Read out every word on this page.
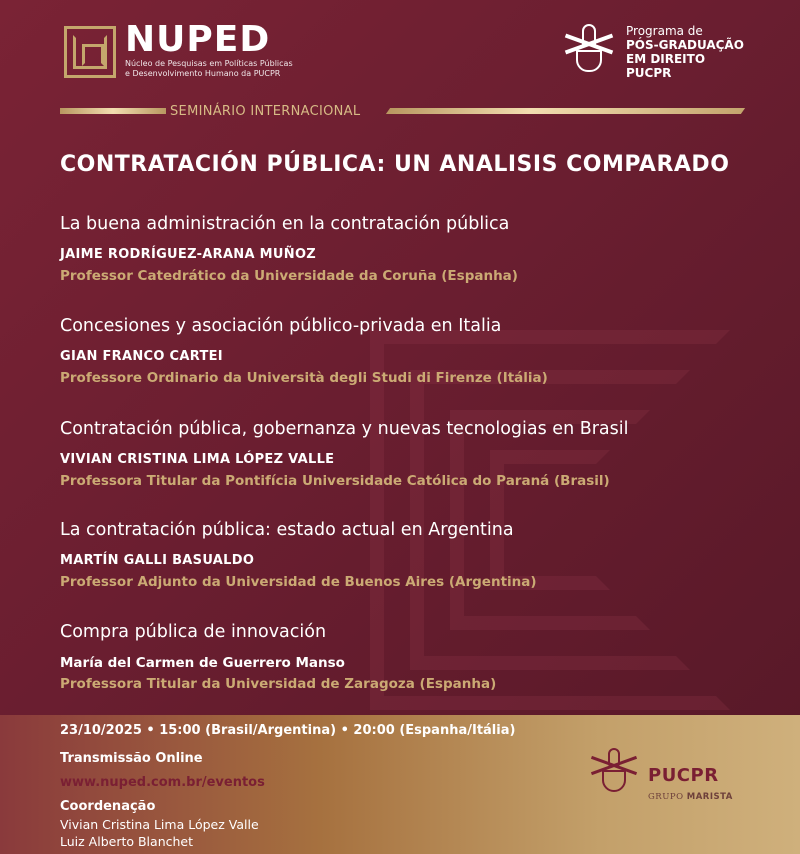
NUPED
Núcleo de Pesquisas em Políticas Públicas
e Desenvolvimento Humano da PUCPR
Programa de
PÓS-GRADUAÇÃO
EM DIREITO
PUCPR
SEMINÁRIO INTERNACIONAL
CONTRATACIÓN PÚBLICA: UN ANALISIS COMPARADO
La buena administración en la contratación pública
JAIME RODRÍGUEZ-ARANA MUÑOZ
Professor Catedrático da Universidade da Coruña (Espanha)
Concesiones y asociación público-privada en Italia
GIAN FRANCO CARTEI
Professore Ordinario da Università degli Studi di Firenze (Itália)
Contratación pública, gobernanza y nuevas tecnologias en Brasil
VIVIAN CRISTINA LIMA LÓPEZ VALLE
Professora Titular da Pontifícia Universidade Católica do Paraná (Brasil)
La contratación pública: estado actual en Argentina
MARTÍN GALLI BASUALDO
Professor Adjunto da Universidad de Buenos Aires (Argentina)
Compra pública de innovación
María del Carmen de Guerrero Manso
Professora Titular da Universidad de Zaragoza (Espanha)
23/10/2025 • 15:00 (Brasil/Argentina) • 20:00 (Espanha/Itália)
Transmissão Online
www.nuped.com.br/eventos
Coordenação
Vivian Cristina Lima López Valle
Luiz Alberto Blanchet
PUCPR
GRUPO MARISTA
